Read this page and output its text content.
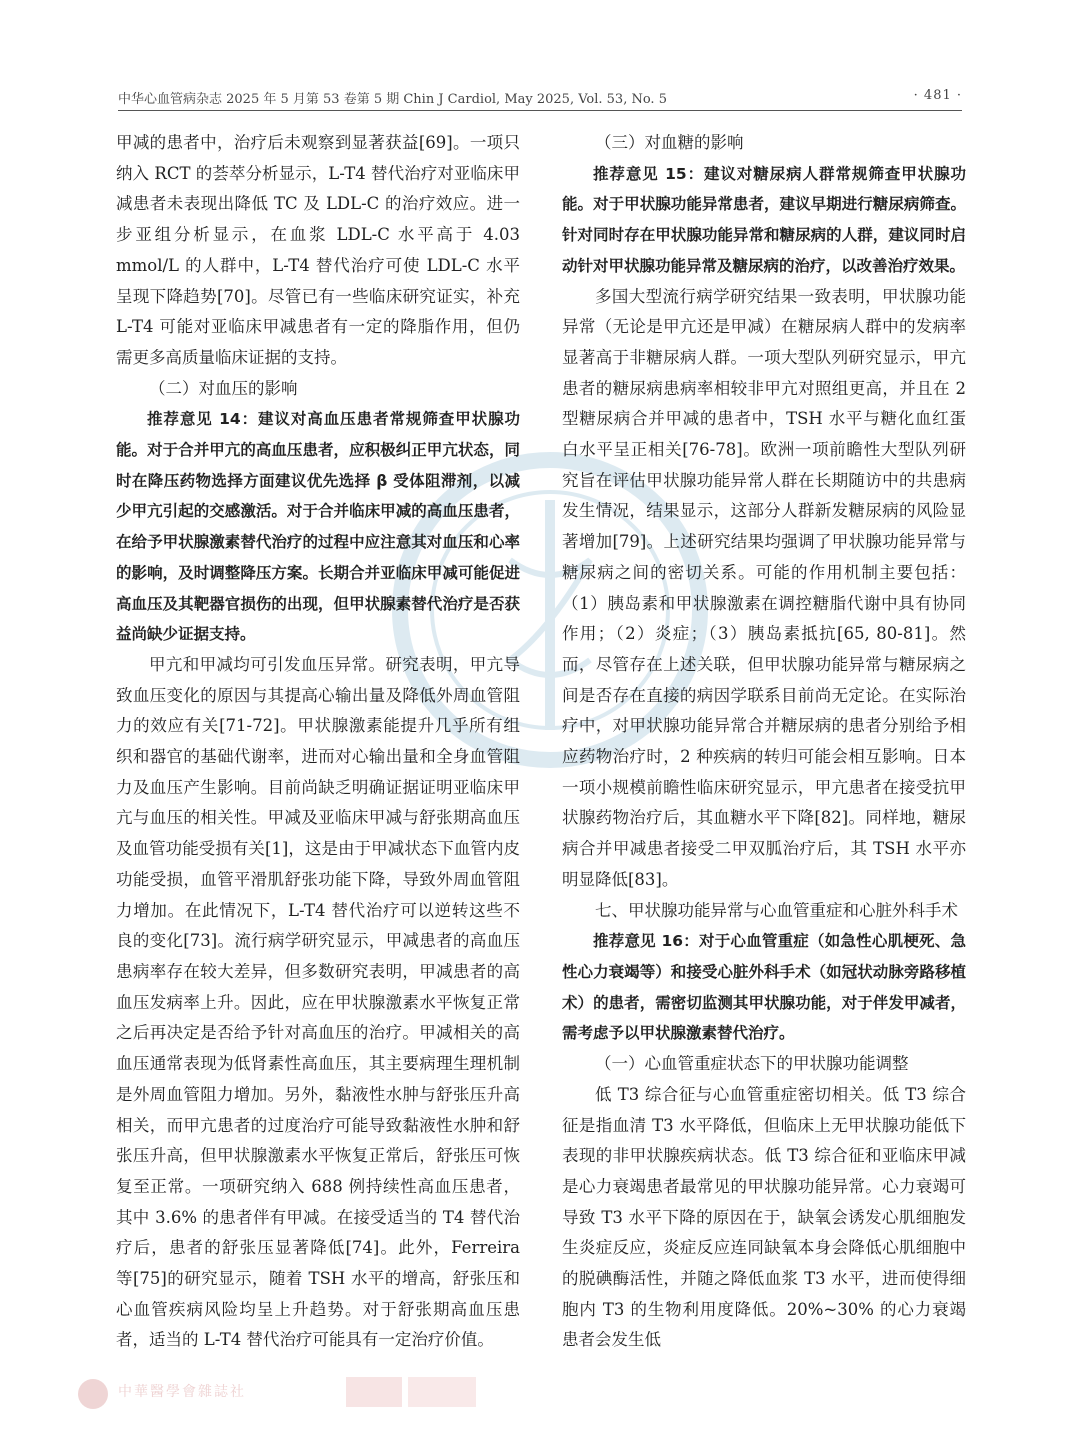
中华心血管病杂志 2025 年 5 月第 53 卷第 5 期 Chin J Cardiol, May 2025, Vol. 53, No. 5	· 481 ·

甲减的患者中，治疗后未观察到显著获益[69]。一项只纳入 RCT 的荟萃分析显示，L-T4 替代治疗对亚临床甲减患者未表现出降低 TC 及 LDL-C 的治疗效应。进一步亚组分析显示，在血浆 LDL-C 水平高于 4.03 mmol/L 的人群中，L-T4 替代治疗可使 LDL-C 水平呈现下降趋势[70]。尽管已有一些临床研究证实，补充 L-T4 可能对亚临床甲减患者有一定的降脂作用，但仍需更多高质量临床证据的支持。

（二）对血压的影响

推荐意见 14：建议对高血压患者常规筛查甲状腺功能。对于合并甲亢的高血压患者，应积极纠正甲亢状态，同时在降压药物选择方面建议优先选择 β 受体阻滞剂，以减少甲亢引起的交感激活。对于合并临床甲减的高血压患者，在给予甲状腺激素替代治疗的过程中应注意其对血压和心率的影响，及时调整降压方案。长期合并亚临床甲减可能促进高血压及其靶器官损伤的出现，但甲状腺素替代治疗是否获益尚缺少证据支持。

甲亢和甲减均可引发血压异常。研究表明，甲亢导致血压变化的原因与其提高心输出量及降低外周血管阻力的效应有关[71-72]。甲状腺激素能提升几乎所有组织和器官的基础代谢率，进而对心输出量和全身血管阻力及血压产生影响。目前尚缺乏明确证据证明亚临床甲亢与血压的相关性。甲减及亚临床甲减与舒张期高血压及血管功能受损有关[1]，这是由于甲减状态下血管内皮功能受损，血管平滑肌舒张功能下降，导致外周血管阻力增加。在此情况下，L-T4 替代治疗可以逆转这些不良的变化[73]。流行病学研究显示，甲减患者的高血压患病率存在较大差异，但多数研究表明，甲减患者的高血压发病率上升。因此，应在甲状腺激素水平恢复正常之后再决定是否给予针对高血压的治疗。甲减相关的高血压通常表现为低肾素性高血压，其主要病理生理机制是外周血管阻力增加。另外，黏液性水肿与舒张压升高相关，而甲亢患者的过度治疗可能导致黏液性水肿和舒张压升高，但甲状腺激素水平恢复正常后，舒张压可恢复至正常。一项研究纳入 688 例持续性高血压患者，其中 3.6% 的患者伴有甲减。在接受适当的 T4 替代治疗后，患者的舒张压显著降低[74]。此外，Ferreira 等[75]的研究显示，随着 TSH 水平的增高，舒张压和心血管疾病风险均呈上升趋势。对于舒张期高血压患者，适当的 L-T4 替代治疗可能具有一定治疗价值。

（三）对血糖的影响

推荐意见 15：建议对糖尿病人群常规筛查甲状腺功能。对于甲状腺功能异常患者，建议早期进行糖尿病筛查。针对同时存在甲状腺功能异常和糖尿病的人群，建议同时启动针对甲状腺功能异常及糖尿病的治疗，以改善治疗效果。

多国大型流行病学研究结果一致表明，甲状腺功能异常（无论是甲亢还是甲减）在糖尿病人群中的发病率显著高于非糖尿病人群。一项大型队列研究显示，甲亢患者的糖尿病患病率相较非甲亢对照组更高，并且在 2 型糖尿病合并甲减的患者中，TSH 水平与糖化血红蛋白水平呈正相关[76-78]。欧洲一项前瞻性大型队列研究旨在评估甲状腺功能异常人群在长期随访中的共患病发生情况，结果显示，这部分人群新发糖尿病的风险显著增加[79]。上述研究结果均强调了甲状腺功能异常与糖尿病之间的密切关系。可能的作用机制主要包括：（1）胰岛素和甲状腺激素在调控糖脂代谢中具有协同作用；（2）炎症；（3）胰岛素抵抗[65, 80-81]。然而，尽管存在上述关联，但甲状腺功能异常与糖尿病之间是否存在直接的病因学联系目前尚无定论。在实际治疗中，对甲状腺功能异常合并糖尿病的患者分别给予相应药物治疗时，2 种疾病的转归可能会相互影响。日本一项小规模前瞻性临床研究显示，甲亢患者在接受抗甲状腺药物治疗后，其血糖水平下降[82]。同样地，糖尿病合并甲减患者接受二甲双胍治疗后，其 TSH 水平亦明显降低[83]。

七、甲状腺功能异常与心血管重症和心脏外科手术

推荐意见 16：对于心血管重症（如急性心肌梗死、急性心力衰竭等）和接受心脏外科手术（如冠状动脉旁路移植术）的患者，需密切监测其甲状腺功能，对于伴发甲减者，需考虑予以甲状腺激素替代治疗。

（一）心血管重症状态下的甲状腺功能调整

低 T3 综合征与心血管重症密切相关。低 T3 综合征是指血清 T3 水平降低，但临床上无甲状腺功能低下表现的非甲状腺疾病状态。低 T3 综合征和亚临床甲减是心力衰竭患者最常见的甲状腺功能异常。心力衰竭可导致 T3 水平下降的原因在于，缺氧会诱发心肌细胞发生炎症反应，炎症反应连同缺氧本身会降低心肌细胞中的脱碘酶活性，并随之降低血浆 T3 水平，进而使得细胞内 T3 的生物利用度降低。20%~30% 的心力衰竭患者会发生低

中華醫學會雜誌社
